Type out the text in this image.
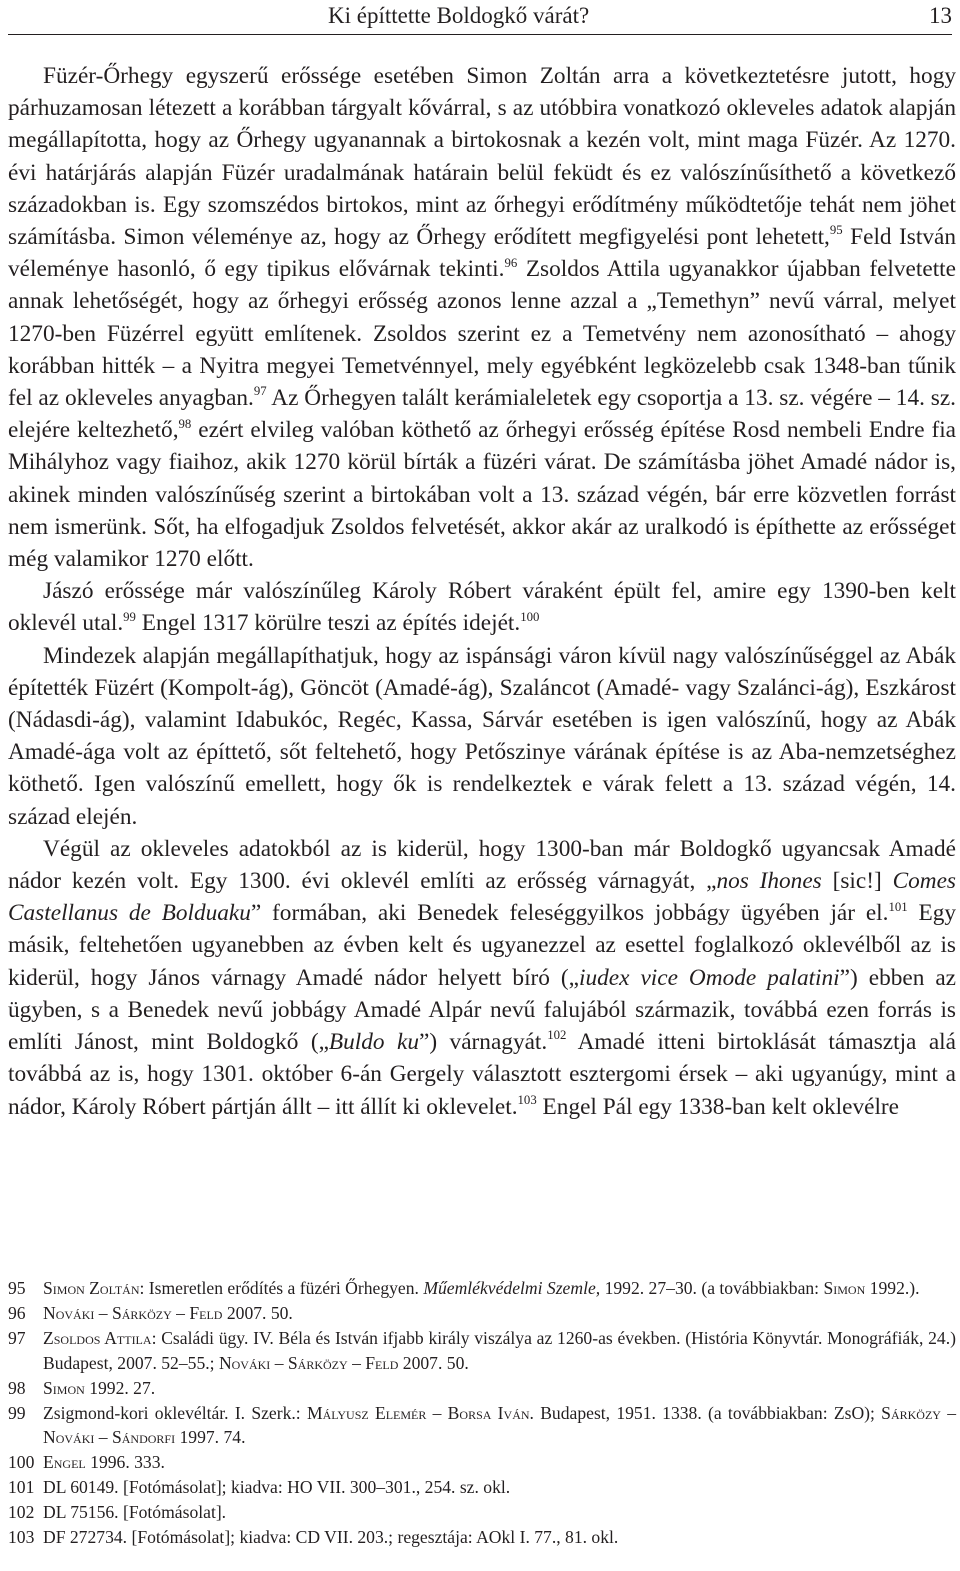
Ki építtette Boldogkő várát?	13

Füzér-Őrhegy egyszerű erőssége esetében Simon Zoltán arra a következtetésre jutott, hogy párhuzamosan létezett a korábban tárgyalt kővárral, s az utóbbira vonatkozó okleveles adatok alapján megállapította, hogy az Őrhegy ugyanannak a birtokosnak a kezén volt, mint maga Füzér. Az 1270. évi határjárás alapján Füzér uradalmának határain belül feküdt és ez valószínűsíthető a következő századokban is. Egy szomszédos birtokos, mint az őrhegyi erődítmény működtetője tehát nem jöhet számításba. Simon véleménye az, hogy az Őrhegy erődített megfigyelési pont lehetett,$^{95}$ Feld István véleménye hasonló, ő egy tipikus elővárnak tekinti.$^{96}$ Zsoldos Attila ugyanakkor újabban felvetette annak lehetőségét, hogy az őrhegyi erősség azonos lenne azzal a „Temethyn” nevű várral, melyet 1270-ben Füzérrel együtt említenek. Zsoldos szerint ez a Temetvény nem azonosítható – ahogy korábban hitték – a Nyitra megyei Temetvénnyel, mely egyébként legközelebb csak 1348-ban tűnik fel az okleveles anyagban.$^{97}$ Az Őrhegyen talált kerámialeletek egy csoportja a 13. sz. végére – 14. sz. elejére keltezhető,$^{98}$ ezért elvileg valóban köthető az őrhegyi erősség építése Rosd nembeli Endre fia Mihályhoz vagy fiaihoz, akik 1270 körül bírták a füzéri várat. De számításba jöhet Amadé nádor is, akinek minden valószínűség szerint a birtokában volt a 13. század végén, bár erre közvetlen forrást nem ismerünk. Sőt, ha elfogadjuk Zsoldos felvetését, akkor akár az uralkodó is építhette az erősséget még valamikor 1270 előtt.

Jászó erőssége már valószínűleg Károly Róbert váraként épült fel, amire egy 1390-ben kelt oklevél utal.$^{99}$ Engel 1317 körülre teszi az építés idejét.$^{100}$

Mindezek alapján megállapíthatjuk, hogy az ispánsági váron kívül nagy valószínűséggel az Abák építették Füzért (Kompolt-ág), Göncöt (Amadé-ág), Szaláncot (Amadé- vagy Szalánci-ág), Eszkárost (Nádasdi-ág), valamint Idabukóc, Regéc, Kassa, Sárvár esetében is igen valószínű, hogy az Abák Amadé-ága volt az építtető, sőt feltehető, hogy Petőszinye várának építése is az Aba-nemzetséghez köthető. Igen valószínű emellett, hogy ők is rendelkeztek e várak felett a 13. század végén, 14. század elején.

Végül az okleveles adatokból az is kiderül, hogy 1300-ban már Boldogkő ugyancsak Amadé nádor kezén volt. Egy 1300. évi oklevél említi az erősség várnagyát, „nos Ihones [sic!] Comes Castellanus de Bolduaku” formában, aki Benedek feleséggyilkos jobbágy ügyében jár el.$^{101}$ Egy másik, feltehetően ugyanebben az évben kelt és ugyanezzel az esettel foglalkozó oklevélből az is kiderül, hogy János várnagy Amadé nádor helyett bíró („iudex vice Omode palatini”) ebben az ügyben, s a Benedek nevű jobbágy Amadé Alpár nevű falujából származik, továbbá ezen forrás is említi Jánost, mint Boldogkő („Buldo ku”) várnagyát.$^{102}$ Amadé itteni birtoklását támasztja alá továbbá az is, hogy 1301. október 6-án Gergely választott esztergomi érsek – aki ugyanúgy, mint a nádor, Károly Róbert pártján állt – itt állít ki oklevelet.$^{103}$ Engel Pál egy 1338-ban kelt oklevélre

95 Simon Zoltán: Ismeretlen erődítés a füzéri Őrhegyen. Műemlékvédelmi Szemle, 1992. 27–30. (a továbbiakban: Simon 1992.).
96 Nováki – Sárközy – Feld 2007. 50.
97 Zsoldos Attila: Családi ügy. IV. Béla és István ifjabb király viszálya az 1260-as években. (História Könyvtár. Monográfiák, 24.) Budapest, 2007. 52–55.; Nováki – Sárközy – Feld 2007. 50.
98 Simon 1992. 27.
99 Zsigmond-kori oklevéltár. I. Szerk.: Mályusz Elemér – Borsa Iván. Budapest, 1951. 1338. (a továbbiakban: ZsO); Sárközy – Nováki – Sándorfi 1997. 74.
100 Engel 1996. 333.
101 DL 60149. [Fotómásolat]; kiadva: HO VII. 300–301., 254. sz. okl.
102 DL 75156. [Fotómásolat].
103 DF 272734. [Fotómásolat]; kiadva: CD VII. 203.; regesztája: AOkl I. 77., 81. okl.
